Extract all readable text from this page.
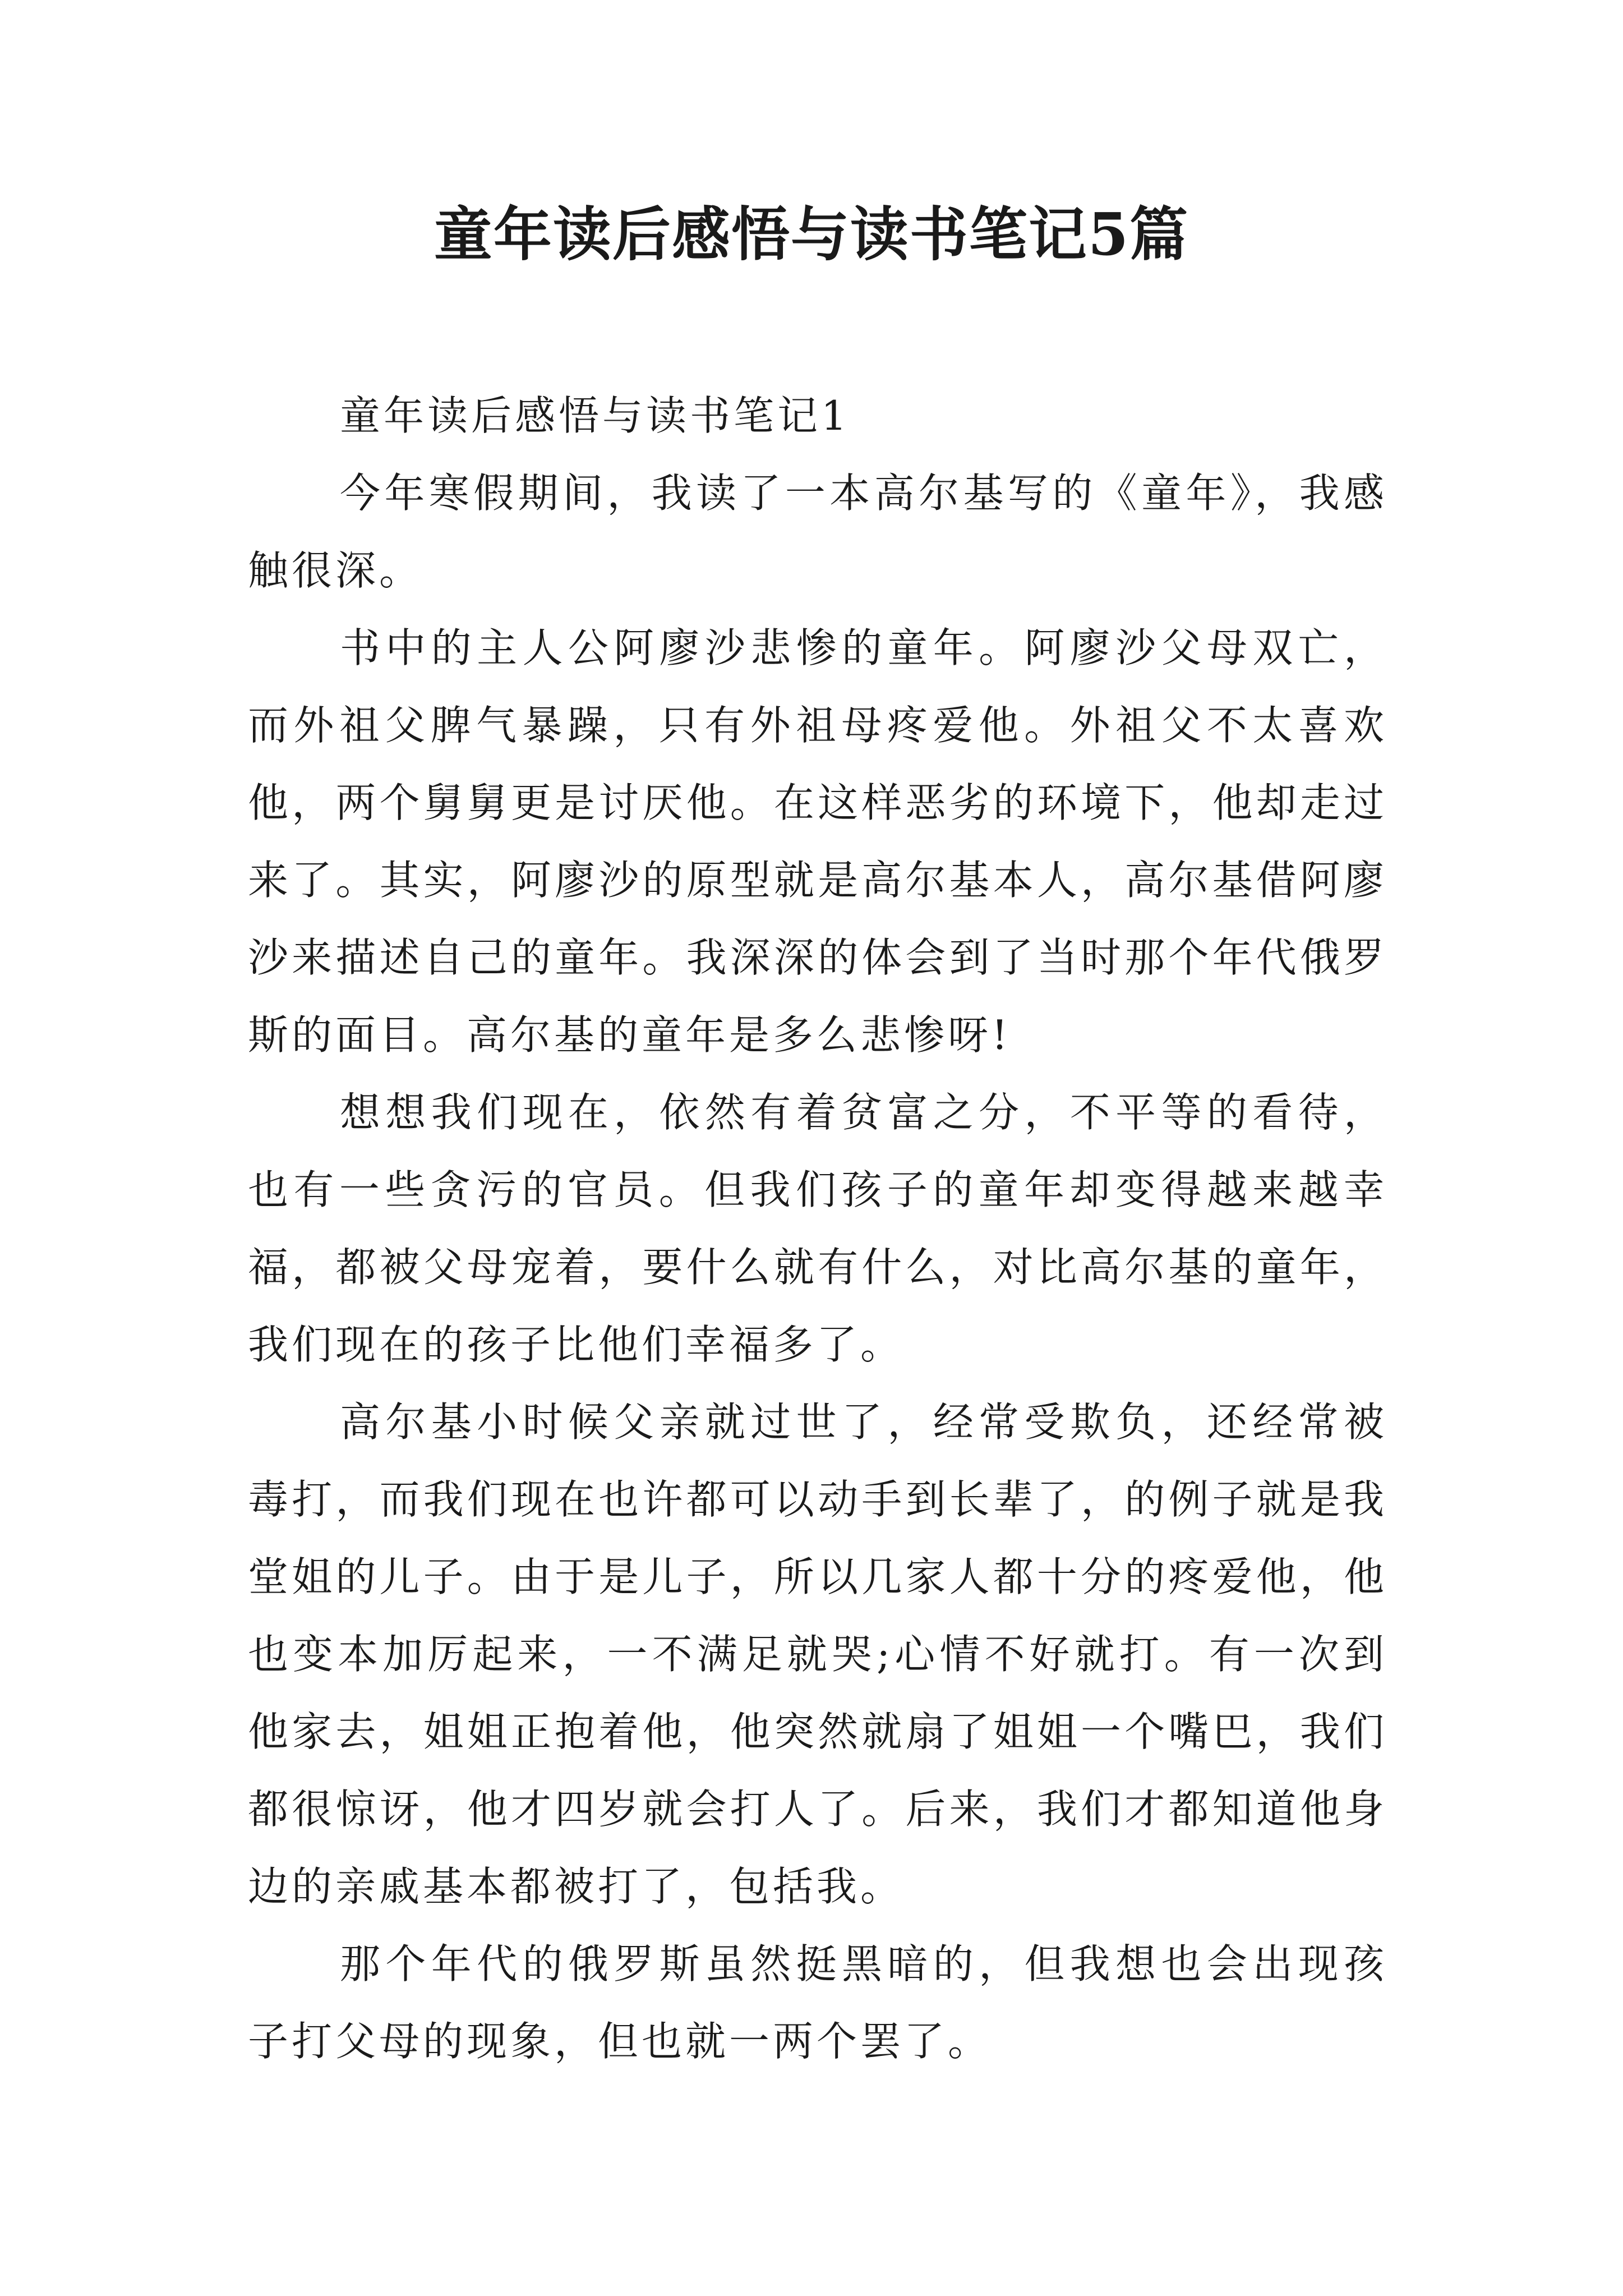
童年读后感悟与读书笔记5篇

童年读后感悟与读书笔记1

今年寒假期间，我读了一本高尔基写的《童年》，我感触很深。

书中的主人公阿廖沙悲惨的童年。阿廖沙父母双亡，而外祖父脾气暴躁，只有外祖母疼爱他。外祖父不太喜欢他，两个舅舅更是讨厌他。在这样恶劣的环境下，他却走过来了。其实，阿廖沙的原型就是高尔基本人，高尔基借阿廖沙来描述自己的童年。我深深的体会到了当时那个年代俄罗斯的面目。高尔基的童年是多么悲惨呀!

想想我们现在，依然有着贫富之分，不平等的看待，也有一些贪污的官员。但我们孩子的童年却变得越来越幸福，都被父母宠着，要什么就有什么，对比高尔基的童年，我们现在的孩子比他们幸福多了。

高尔基小时候父亲就过世了，经常受欺负，还经常被毒打，而我们现在也许都可以动手到长辈了，的例子就是我堂姐的儿子。由于是儿子，所以几家人都十分的疼爱他，他也变本加厉起来，一不满足就哭;心情不好就打。有一次到他家去，姐姐正抱着他，他突然就扇了姐姐一个嘴巴，我们都很惊讶，他才四岁就会打人了。后来，我们才都知道他身边的亲戚基本都被打了，包括我。

那个年代的俄罗斯虽然挺黑暗的，但我想也会出现孩子打父母的现象，但也就一两个罢了。
